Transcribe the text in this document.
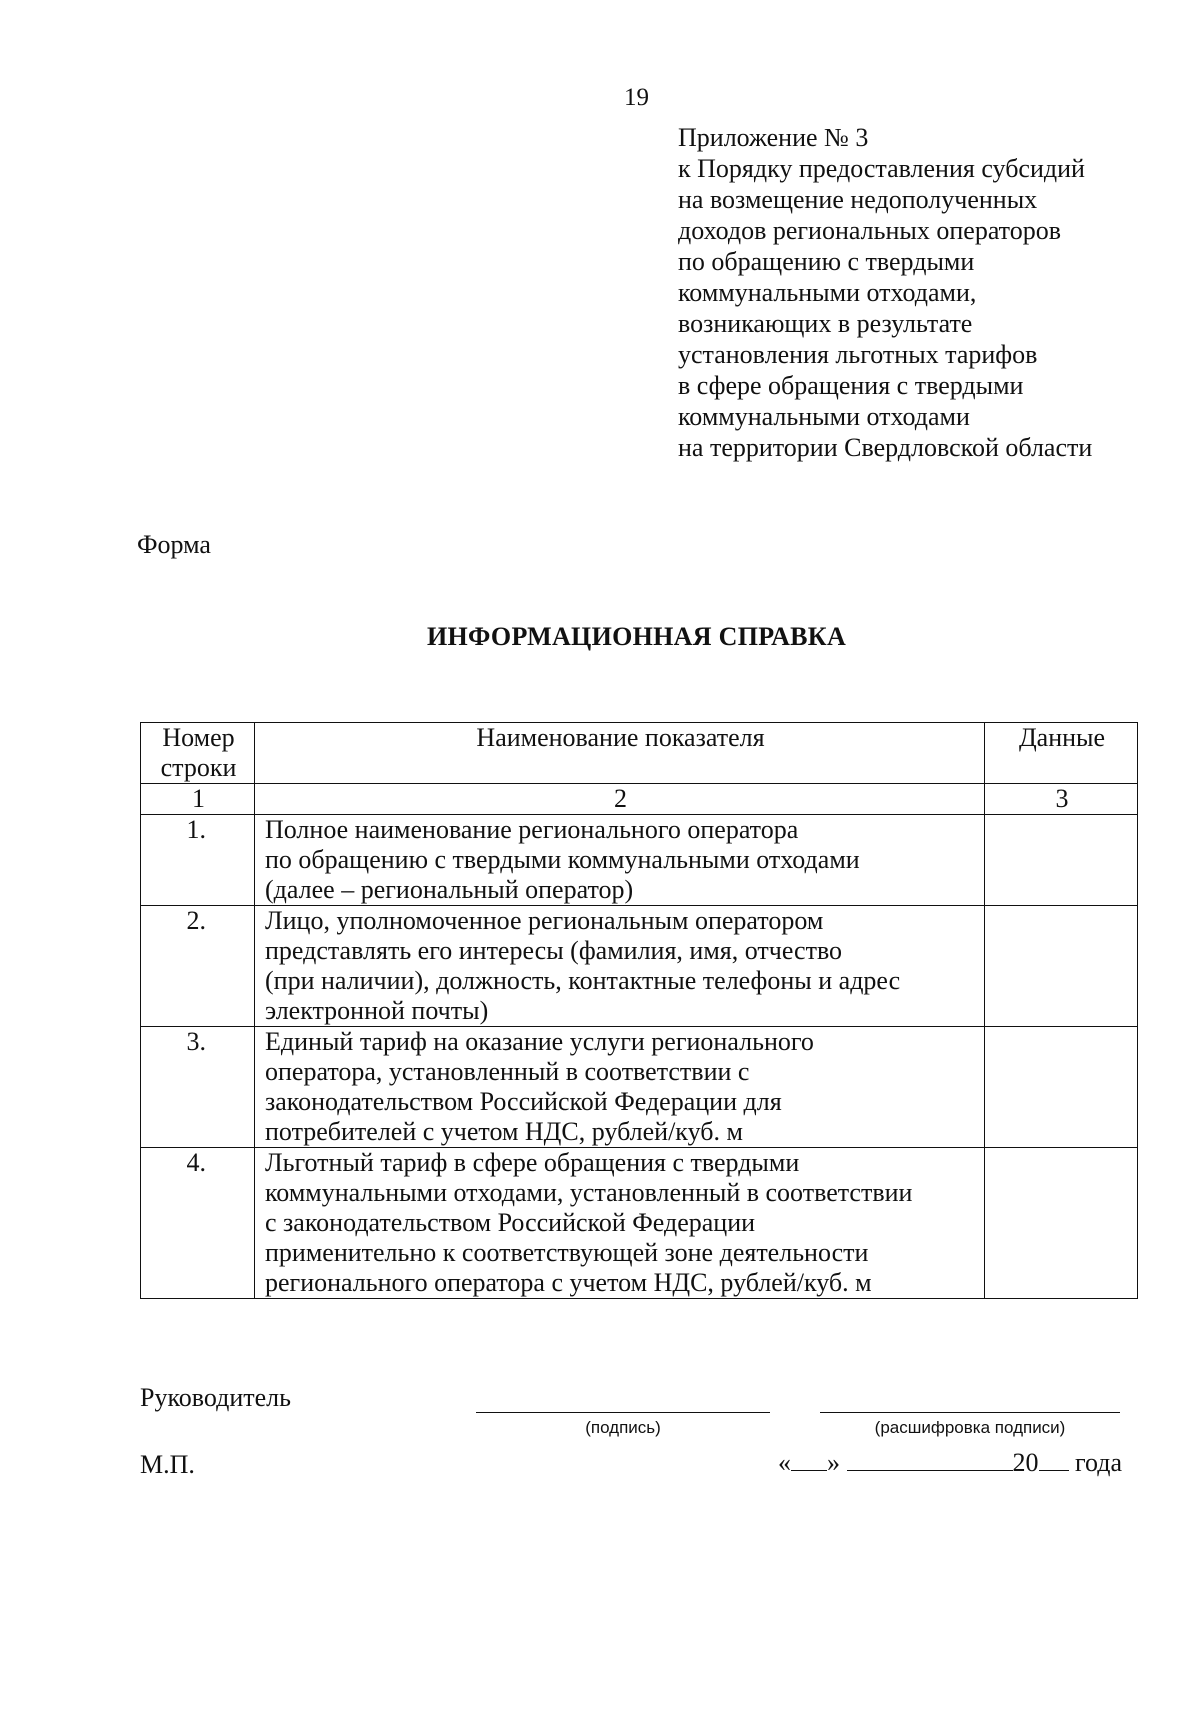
19
Приложение № 3
к Порядку предоставления субсидий
на возмещение недополученных
доходов региональных операторов
по обращению с твердыми
коммунальными отходами,
возникающих в результате
установления льготных тарифов
в сфере обращения с твердыми
коммунальными отходами
на территории Свердловской области
Форма
ИНФОРМАЦИОННАЯ СПРАВКА
Номер
строки	Наименование показателя	Данные
1	2	3
1.	Полное наименование регионального оператора
по обращению с твердыми коммунальными отходами
(далее – региональный оператор)	

2.	Лицо, уполномоченное региональным оператором
представлять его интересы (фамилия, имя, отчество
(при наличии), должность, контактные телефоны и адрес
электронной почты)	

3.	Единый тариф на оказание услуги регионального
оператора, установленный в соответствии с
законодательством Российской Федерации для
потребителей с учетом НДС, рублей/куб. м	

4.	Льготный тариф в сфере обращения с твердыми
коммунальными отходами, установленный в соответствии
с законодательством Российской Федерации
применительно к соответствующей зоне деятельности
регионального оператора с учетом НДС, рублей/куб. м	

Руководитель
(подпись)	(расшифровка подписи)
М.П.	« »	20 года
